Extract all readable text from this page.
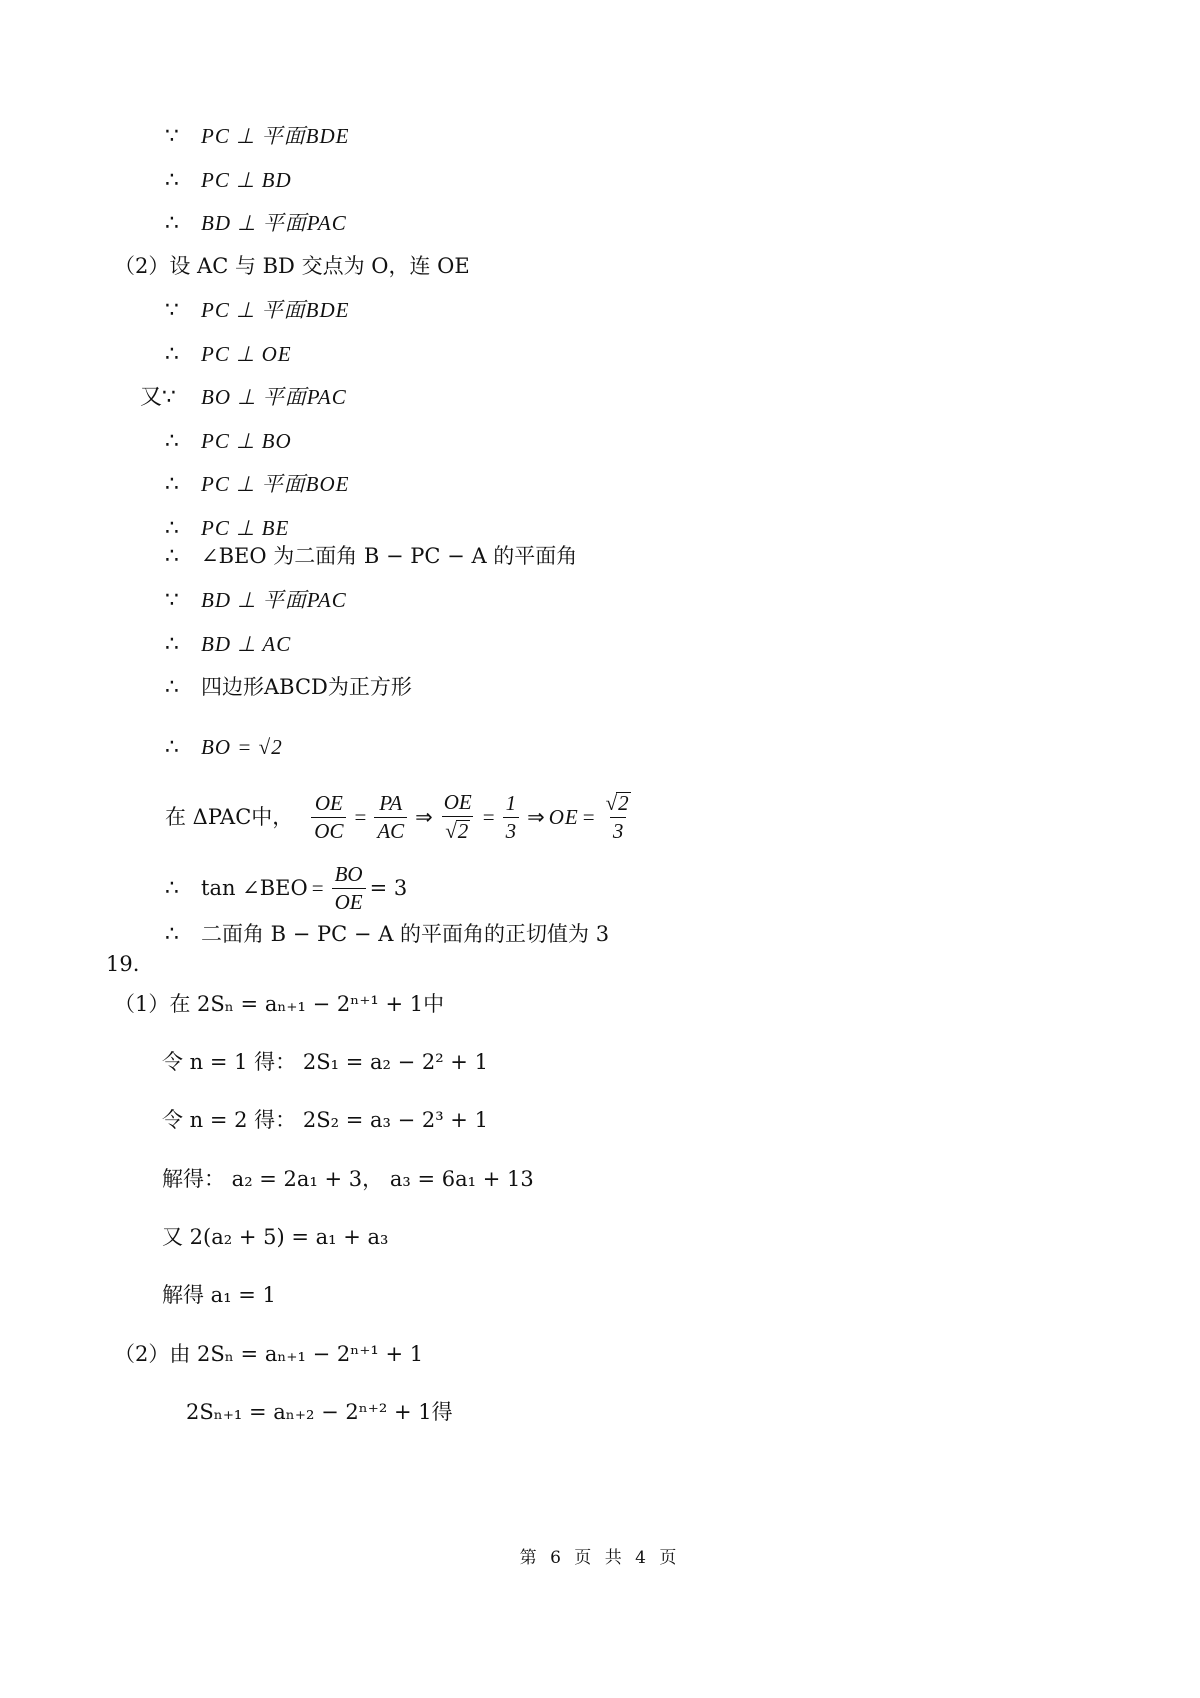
∵ PC ⊥ 平面BDE
∴ PC ⊥ BD
∴ BD ⊥ 平面PAC
（2）设 AC 与 BD 交点为 O，连 OE
∵ PC ⊥ 平面BDE
∴ PC ⊥ OE
又∵ BO ⊥ 平面PAC
∴ PC ⊥ BO
∴ PC ⊥ 平面BOE
∴ PC ⊥ BE
∴ ∠BEO 为二面角 B − PC − A 的平面角
∵ BD ⊥ 平面PAC
∴ BD ⊥ AC
∴ 四边形ABCD为正方形
∴ BO = √2
在 ΔPAC中， $\frac{OE}{OC} = \frac{PA}{AC}$ ⇒ $\frac{OE}{√2} = \frac{1}{3}$ ⇒ OE = $\frac{√2}{3}$
∴	tan ∠BEO = $\frac{BO}{OE} = 3$
∴ 二面角 B − PC − A 的平面角的正切值为 3
19.
（1）在 2Sₙ = aₙ₊₁ − 2ⁿ⁺¹ + 1中
令 n = 1 得： 2S₁ = a₂ − 2² + 1
令 n = 2 得： 2S₂ = a₃ − 2³ + 1
解得： a₂ = 2a₁ + 3， a₃ = 6a₁ + 13
又 2(a₂ + 5) = a₁ + a₃
解得 a₁ = 1
（2）由 2Sₙ = aₙ₊₁ − 2ⁿ⁺¹ + 1
2Sₙ₊₁ = aₙ₊₂ − 2ⁿ⁺² + 1得
第 6 页 共 4 页
